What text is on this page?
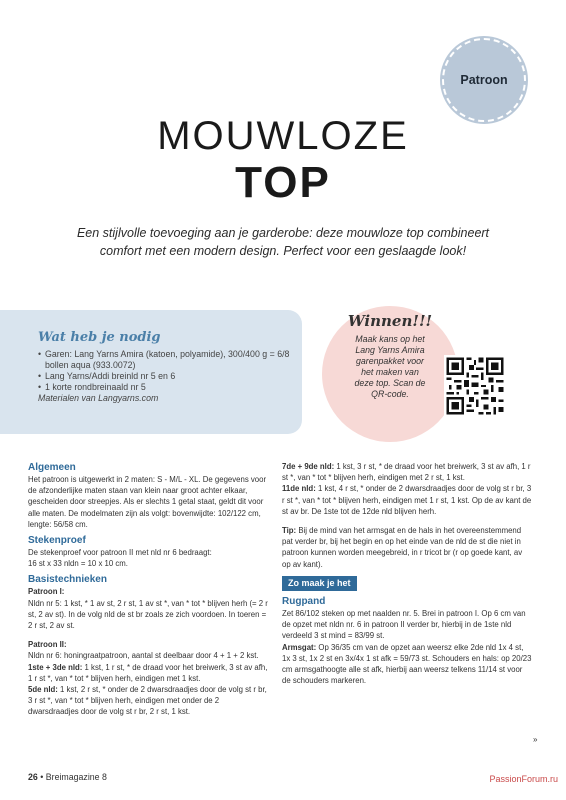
Patroon
MOUWLOZE
TOP
Een stijlvolle toevoeging aan je garderobe: deze mouwloze top combineert
comfort met een modern design. Perfect voor een geslaagde look!
Wat heb je nodig
• Garen: Lang Yarns Amira (katoen, polyamide), 300/400 g = 6/8 bollen aqua (933.0072)
• Lang Yarns/Addi breinld nr 5 en 6
• 1 korte rondbreinaald nr 5
Materialen van Langyarns.com
Winnen!!!

Maak kans op het

Lang Yarns Amira

garenpakket voor

het maken van

deze top. Scan de

QR-code.

Algemeen

Het patroon is uitgewerkt in 2 maten: S - M/L - XL. De gegevens voor de afzonderlijke maten staan van klein naar groot achter elkaar, gescheiden door streepjes. Als er slechts 1 getal staat, geldt dit voor alle maten. De modelmaten zijn als volgt: bovenwijdte: 102/122 cm, lengte: 56/58 cm.

Stekenproef

De stekenproef voor patroon II met nld nr 6 bedraagt:

16 st x 33 nldn = 10 x 10 cm.

Basistechnieken

Patroon I:

Nldn nr 5: 1 kst, * 1 av st, 2 r st, 1 av st *, van * tot * blijven herh (= 2 r st, 2 av st). In de volg nld de st br zoals ze zich voordoen. In toeren = 2 r st, 2 av st.

Patroon II:

Nldn nr 6: honingraatpatroon, aantal st deelbaar door 4 + 1 + 2 kst.

1ste + 3de nld: 1 kst, 1 r st, * de draad voor het breiwerk, 3 st av afh, 1 r st *, van * tot * blijven herh, eindigen met 1 kst.

5de nld: 1 kst, 2 r st, * onder de 2 dwarsdraadjes door de volg st r br, 3 r st *, van * tot * blijven herh, eindigen met onder de 2 dwarsdraadjes door de volg st r br, 2 r st, 1 kst.

7de + 9de nld: 1 kst, 3 r st, * de draad voor het breiwerk, 3 st av afh, 1 r st *, van * tot * blijven herh, eindigen met 2 r st, 1 kst.

11de nld: 1 kst, 4 r st, * onder de 2 dwarsdraadjes door de volg st r br, 3 r st *, van * tot * blijven herh, eindigen met 1 r st, 1 kst. Op de av kant de st av br. De 1ste tot de 12de nld blijven herh.

Tip: Bij de mind van het armsgat en de hals in het overeenstemmend pat verder br, bij het begin en op het einde van de nld de st die niet in patroon kunnen worden meegebreid, in r tricot br (r op goede kant, av op av kant).

Zo maak je het
Rugpand

Zet 86/102 steken op met naalden nr. 5. Brei in patroon I. Op 6 cm van de opzet met nldn nr. 6 in patroon II verder br, hierbij in de 1ste nld verdeeld 3 st mind = 83/99 st.

Armsgat: Op 36/35 cm van de opzet aan weersz elke 2de nld 1x 4 st, 1x 3 st, 1x 2 st en 3x/4x 1 st afk = 59/73 st. Schouders en hals: op 20/23 cm armsgathoogte alle st afk, hierbij aan weersz telkens 11/14 st voor de schouders markeren.

»
26 • Breimagazine 8	PassionForum.ru
